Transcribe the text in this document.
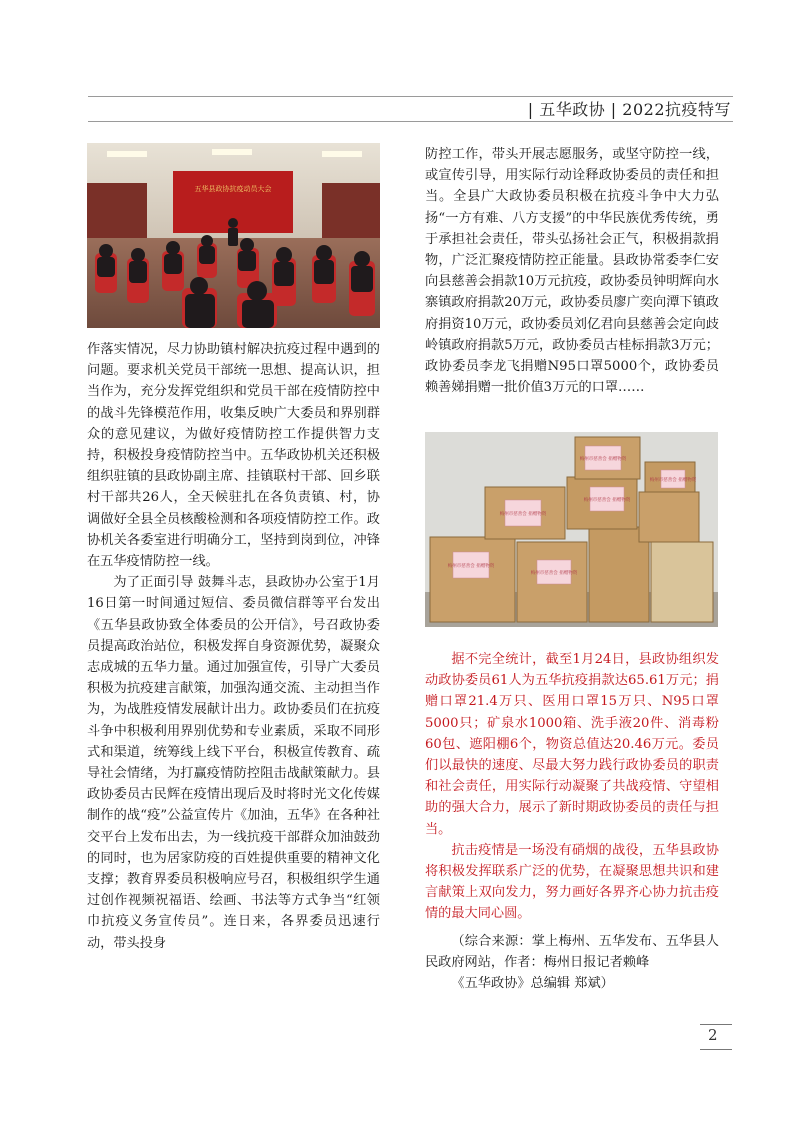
| 五华政协 | 2022抗疫特写
五华县政协抗疫动员大会

作落实情况，尽力协助镇村解决抗疫过程中遇到的问题。要求机关党员干部统一思想、提高认识，担当作为，充分发挥党组织和党员干部在疫情防控中的战斗先锋模范作用，收集反映广大委员和界别群众的意见建议，为做好疫情防控工作提供智力支持，积极投身疫情防控当中。五华政协机关还积极组织驻镇的县政协副主席、挂镇联村干部、回乡联村干部共26人，全天候驻扎在各负责镇、村，协调做好全县全员核酸检测和各项疫情防控工作。政协机关各委室进行明确分工，坚持到岗到位，冲锋在五华疫情防控一线。

为了正面引导 鼓舞斗志，县政协办公室于1月16日第一时间通过短信、委员微信群等平台发出《五华县政协致全体委员的公开信》，号召政协委员提高政治站位，积极发挥自身资源优势，凝聚众志成城的五华力量。通过加强宣传，引导广大委员积极为抗疫建言献策，加强沟通交流、主动担当作为，为战胜疫情发展献计出力。政协委员们在抗疫斗争中积极利用界别优势和专业素质，采取不同形式和渠道，统筹线上线下平台，积极宣传教育、疏导社会情绪，为打赢疫情防控阻击战献策献力。县政协委员古民辉在疫情出现后及时将时光文化传媒制作的战“疫”公益宣传片《加油，五华》在各种社交平台上发布出去，为一线抗疫干部群众加油鼓劲的同时，也为居家防疫的百姓提供重要的精神文化支撑；教育界委员积极响应号召，积极组织学生通过创作视频祝福语、绘画、书法等方式争当“红领巾抗疫义务宣传员”。连日来，各界委员迅速行动，带头投身

防控工作，带头开展志愿服务，或坚守防控一线，或宣传引导，用实际行动诠释政协委员的责任和担当。全县广大政协委员积极在抗疫斗争中大力弘扬“一方有难、八方支援”的中华民族优秀传统，勇于承担社会责任，带头弘扬社会正气，积极捐款捐物，广泛汇聚疫情防控正能量。县政协常委李仁安向县慈善会捐款10万元抗疫，政协委员钟明辉向水寨镇政府捐款20万元，政协委员廖广奕向潭下镇政府捐资10万元，政协委员刘亿君向县慈善会定向歧岭镇政府捐款5万元，政协委员古桂标捐款3万元；政协委员李龙飞捐赠N95口罩5000个，政协委员赖善娣捐赠一批价值3万元的口罩……

梅州市慈善会 捐赠物资
梅州市慈善会 捐赠物资
梅州市慈善会 捐赠物资
梅州市慈善会 捐赠物资
梅州市慈善会 捐赠物资
梅州市慈善会 捐赠物资

据不完全统计，截至1月24日，县政协组织发动政协委员61人为五华抗疫捐款达65.61万元；捐赠口罩21.4万只、医用口罩15万只、N95口罩5000只；矿泉水1000箱、洗手液20件、消毒粉60包、遮阳棚6个，物资总值达20.46万元。委员们以最快的速度、尽最大努力践行政协委员的职责和社会责任，用实际行动凝聚了共战疫情、守望相助的强大合力，展示了新时期政协委员的责任与担当。

抗击疫情是一场没有硝烟的战役，五华县政协将积极发挥联系广泛的优势，在凝聚思想共识和建言献策上双向发力，努力画好各界齐心协力抗击疫情的最大同心圆。

（综合来源：掌上梅州、五华发布、五华县人民政府网站，作者：梅州日报记者赖峰

《五华政协》总编辑 郑斌）

2
